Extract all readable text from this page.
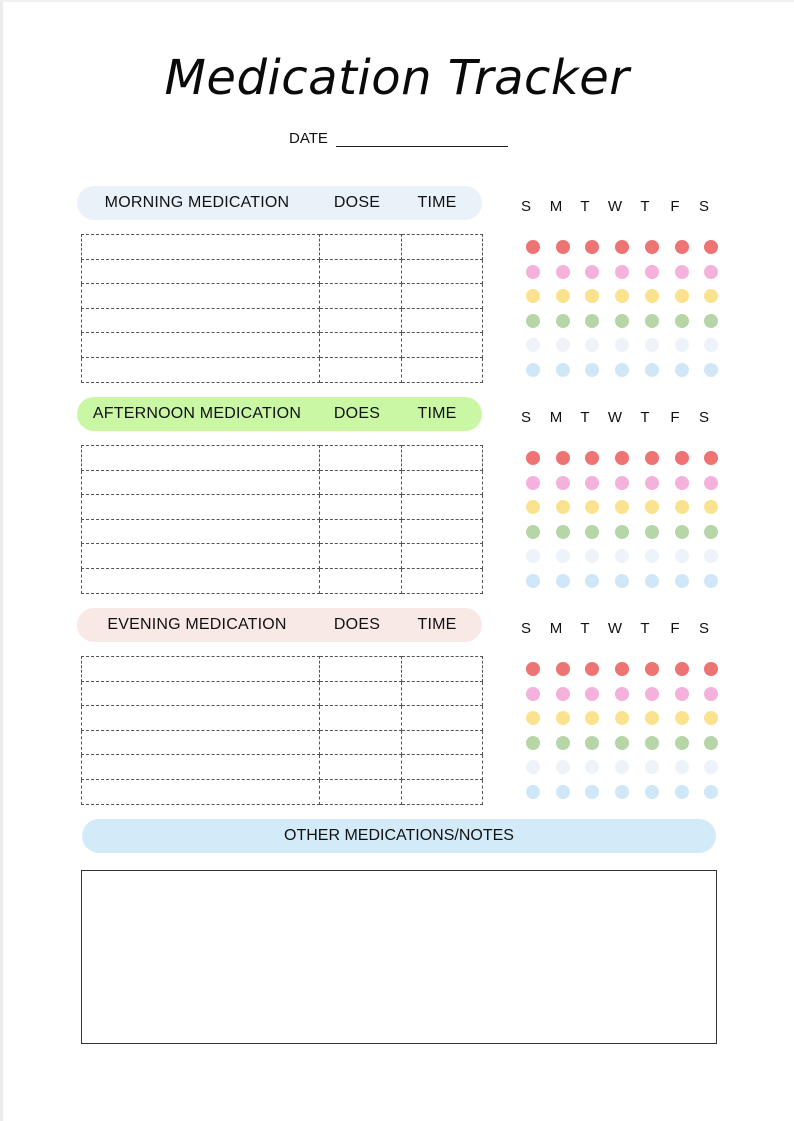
Medication Tracker
DATE
MORNING MEDICATION	DOSE	TIME

			S	M	T	W	T	F	S
AFTERNOON MEDICATION	DOES	TIME

			S	M	T	W	T	F	S
EVENING MEDICATION	DOES	TIME

			S	M	T	W	T	F	S
OTHER MEDICATIONS/NOTES
